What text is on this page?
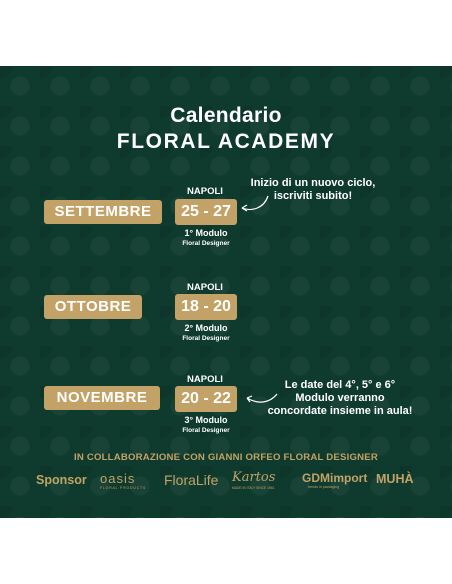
Calendario
FLORAL ACADEMY
SETTEMBRE
NAPOLI
25 - 27
1° Modulo
Floral Designer
Inizio di un nuovo ciclo,
iscriviti subito!
OTTOBRE
NAPOLI
18 - 20
2° Modulo
Floral Designer
NOVEMBRE
NAPOLI
20 - 22
3° Modulo
Floral Designer
Le date del 4°, 5° e 6°
Modulo verranno
concordate insieme in aula!
IN COLLABORAZIONE CON GIANNI ORFEO FLORAL DESIGNER
Sponsor oasis
FLORAL PRODUCTS FloraLife Kartos
MADE IN ITALY SINCE 1961
GDMimport
trends in packaging
MUHÀ
